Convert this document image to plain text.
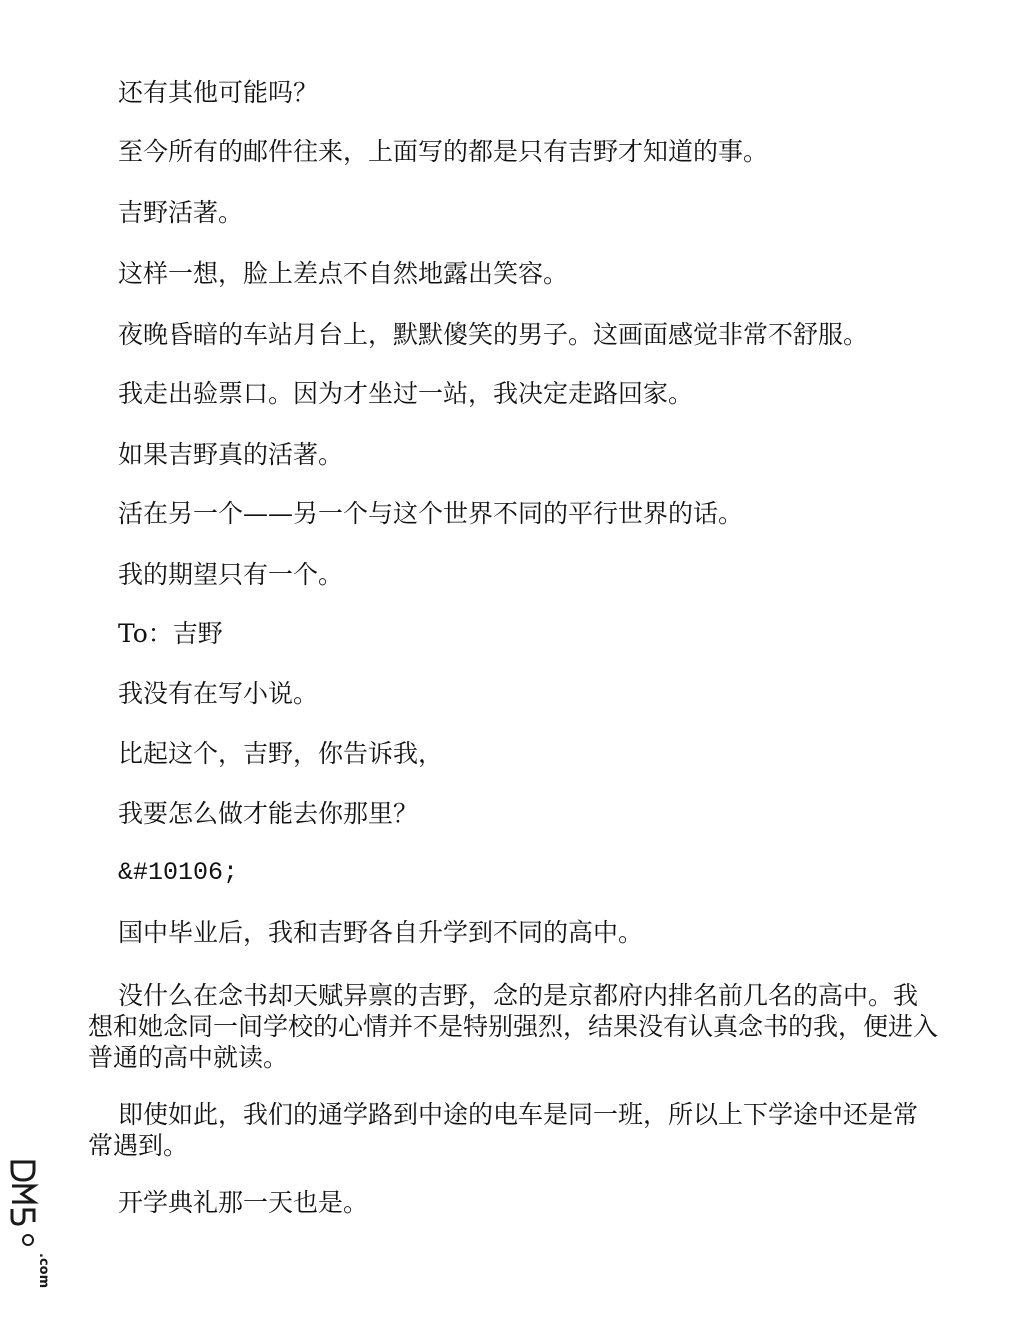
还有其他可能吗？

至今所有的邮件往来，上面写的都是只有吉野才知道的事。

吉野活著。

这样一想，脸上差点不自然地露出笑容。

夜晚昏暗的车站月台上，默默傻笑的男子。这画面感觉非常不舒服。

我走出验票口。因为才坐过一站，我决定走路回家。

如果吉野真的活著。

活在另一个——另一个与这个世界不同的平行世界的话。

我的期望只有一个。

To：吉野

我没有在写小说。

比起这个，吉野，你告诉我，

我要怎么做才能去你那里？

&#10106;

国中毕业后，我和吉野各自升学到不同的高中。

没什么在念书却天赋异禀的吉野，念的是京都府内排名前几名的高中。我
想和她念同一间学校的心情并不是特别强烈，结果没有认真念书的我，便进入
普通的高中就读。
即使如此，我们的通学路到中途的电车是同一班，所以上下学途中还是常
常遇到。

开学典礼那一天也是。

.com
